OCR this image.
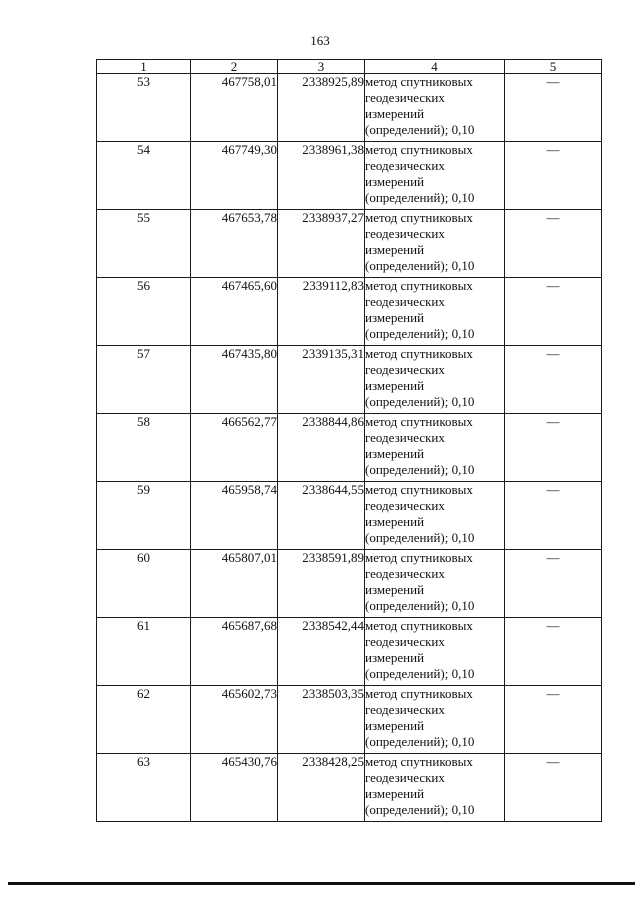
163
1	2	3	4	5
53	467758,01	2338925,89	метод спутниковых геодезических измерений (определений); 0,10	—
54	467749,30	2338961,38	метод спутниковых геодезических измерений (определений); 0,10	—
55	467653,78	2338937,27	метод спутниковых геодезических измерений (определений); 0,10	—
56	467465,60	2339112,83	метод спутниковых геодезических измерений (определений); 0,10	—
57	467435,80	2339135,31	метод спутниковых геодезических измерений (определений); 0,10	—
58	466562,77	2338844,86	метод спутниковых геодезических измерений (определений); 0,10	—
59	465958,74	2338644,55	метод спутниковых геодезических измерений (определений); 0,10	—
60	465807,01	2338591,89	метод спутниковых геодезических измерений (определений); 0,10	—
61	465687,68	2338542,44	метод спутниковых геодезических измерений (определений); 0,10	—
62	465602,73	2338503,35	метод спутниковых геодезических измерений (определений); 0,10	—
63	465430,76	2338428,25	метод спутниковых геодезических измерений (определений); 0,10	—
